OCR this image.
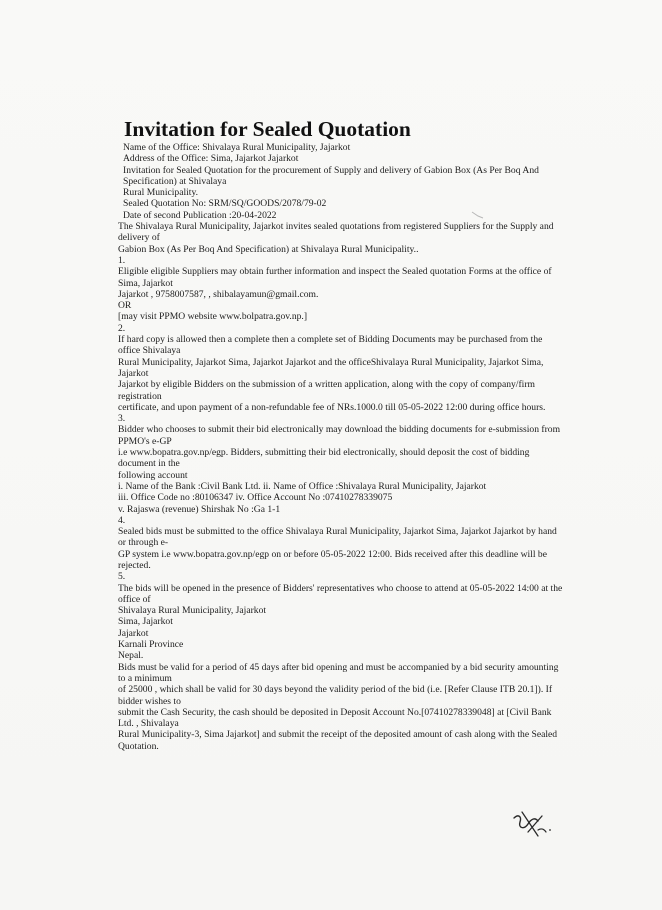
Invitation for Sealed Quotation
Name of the Office: Shivalaya Rural Municipality, Jajarkot
Address of the Office: Sima, Jajarkot Jajarkot
Invitation for Sealed Quotation for the procurement of Supply and delivery of Gabion Box (As Per Boq And
Specification) at Shivalaya
Rural Municipality.
Sealed Quotation No: SRM/SQ/GOODS/2078/79-02
Date of second Publication :20-04-2022
The Shivalaya Rural Municipality, Jajarkot invites sealed quotations from registered Suppliers for the Supply and
delivery of
Gabion Box (As Per Boq And Specification) at Shivalaya Rural Municipality..
1.
Eligible eligible Suppliers may obtain further information and inspect the Sealed quotation Forms at the office of
Sima, Jajarkot
Jajarkot , 9758007587, , shibalayamun@gmail.com.
OR
[may visit PPMO website www.bolpatra.gov.np.]
2.
If hard copy is allowed then a complete then a complete set of Bidding Documents may be purchased from the
office Shivalaya
Rural Municipality, Jajarkot Sima, Jajarkot Jajarkot and the officeShivalaya Rural Municipality, Jajarkot Sima,
Jajarkot
Jajarkot by eligible Bidders on the submission of a written application, along with the copy of company/firm
registration
certificate, and upon payment of a non-refundable fee of NRs.1000.0 till 05-05-2022 12:00 during office hours.
3.
Bidder who chooses to submit their bid electronically may download the bidding documents for e-submission from
PPMO's e-GP
i.e www.bopatra.gov.np/egp. Bidders, submitting their bid electronically, should deposit the cost of bidding
document in the
following account
i. Name of the Bank :Civil Bank Ltd. ii. Name of Office :Shivalaya Rural Municipality, Jajarkot
iii. Office Code no :80106347 iv. Office Account No :07410278339075
v. Rajaswa (revenue) Shirshak No :Ga 1-1
4.
Sealed bids must be submitted to the office Shivalaya Rural Municipality, Jajarkot Sima, Jajarkot Jajarkot by hand
or through e-
GP system i.e www.bopatra.gov.np/egp on or before 05-05-2022 12:00. Bids received after this deadline will be
rejected.
5.
The bids will be opened in the presence of Bidders' representatives who choose to attend at 05-05-2022 14:00 at the
office of
Shivalaya Rural Municipality, Jajarkot
Sima, Jajarkot
Jajarkot
Karnali Province
Nepal.
Bids must be valid for a period of 45 days after bid opening and must be accompanied by a bid security amounting
to a minimum
of 25000 , which shall be valid for 30 days beyond the validity period of the bid (i.e. [Refer Clause ITB 20.1]). If
bidder wishes to
submit the Cash Security, the cash should be deposited in Deposit Account No.[07410278339048] at [Civil Bank
Ltd. , Shivalaya
Rural Municipality-3, Sima Jajarkot] and submit the receipt of the deposited amount of cash along with the Sealed
Quotation.
